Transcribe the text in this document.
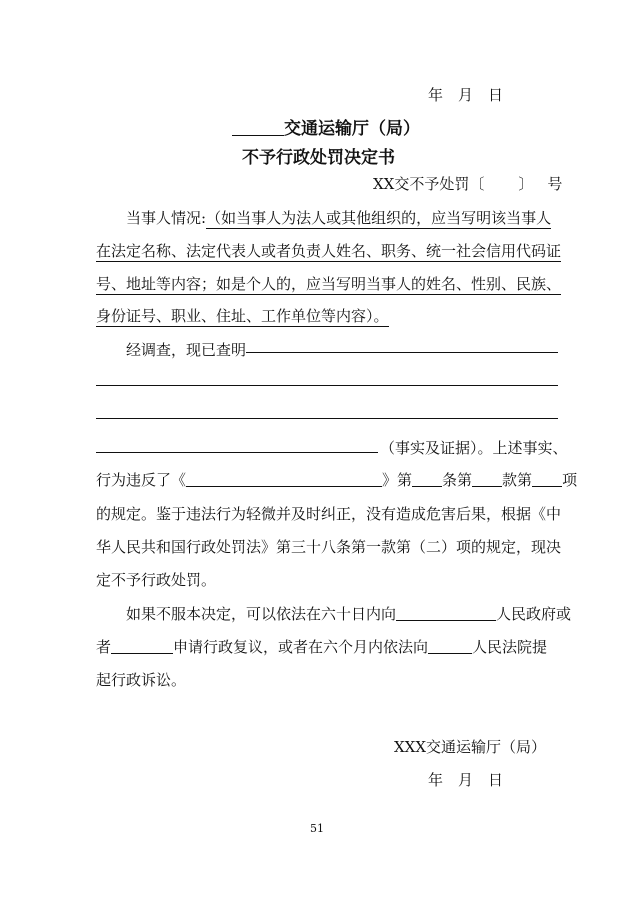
年　月　日
交通运输厅（局）
不予行政处罚决定书
XX交不予处罚〔 〕 号
当事人情况:（如当事人为法人或其他组织的，应当写明该当事人
在法定名称、法定代表人或者负责人姓名、职务、统一社会信用代码证
号、地址等内容；如是个人的，应当写明当事人的姓名、性别、民族、
身份证号、职业、住址、工作单位等内容）。
经调查，现已查明
（事实及证据）。上述事实、
行为违反了《	》第 条第 款第 项
的规定。鉴于违法行为轻微并及时纠正，没有造成危害后果，根据《中
华人民共和国行政处罚法》第三十八条第一款第（二）项的规定，现决
定不予行政处罚。
如果不服本决定，可以依法在六十日内向	人民政府或
者	申请行政复议，或者在六个月内依法向	人民法院提
起行政诉讼。
XXX交通运输厅（局）
年　月　日
51
